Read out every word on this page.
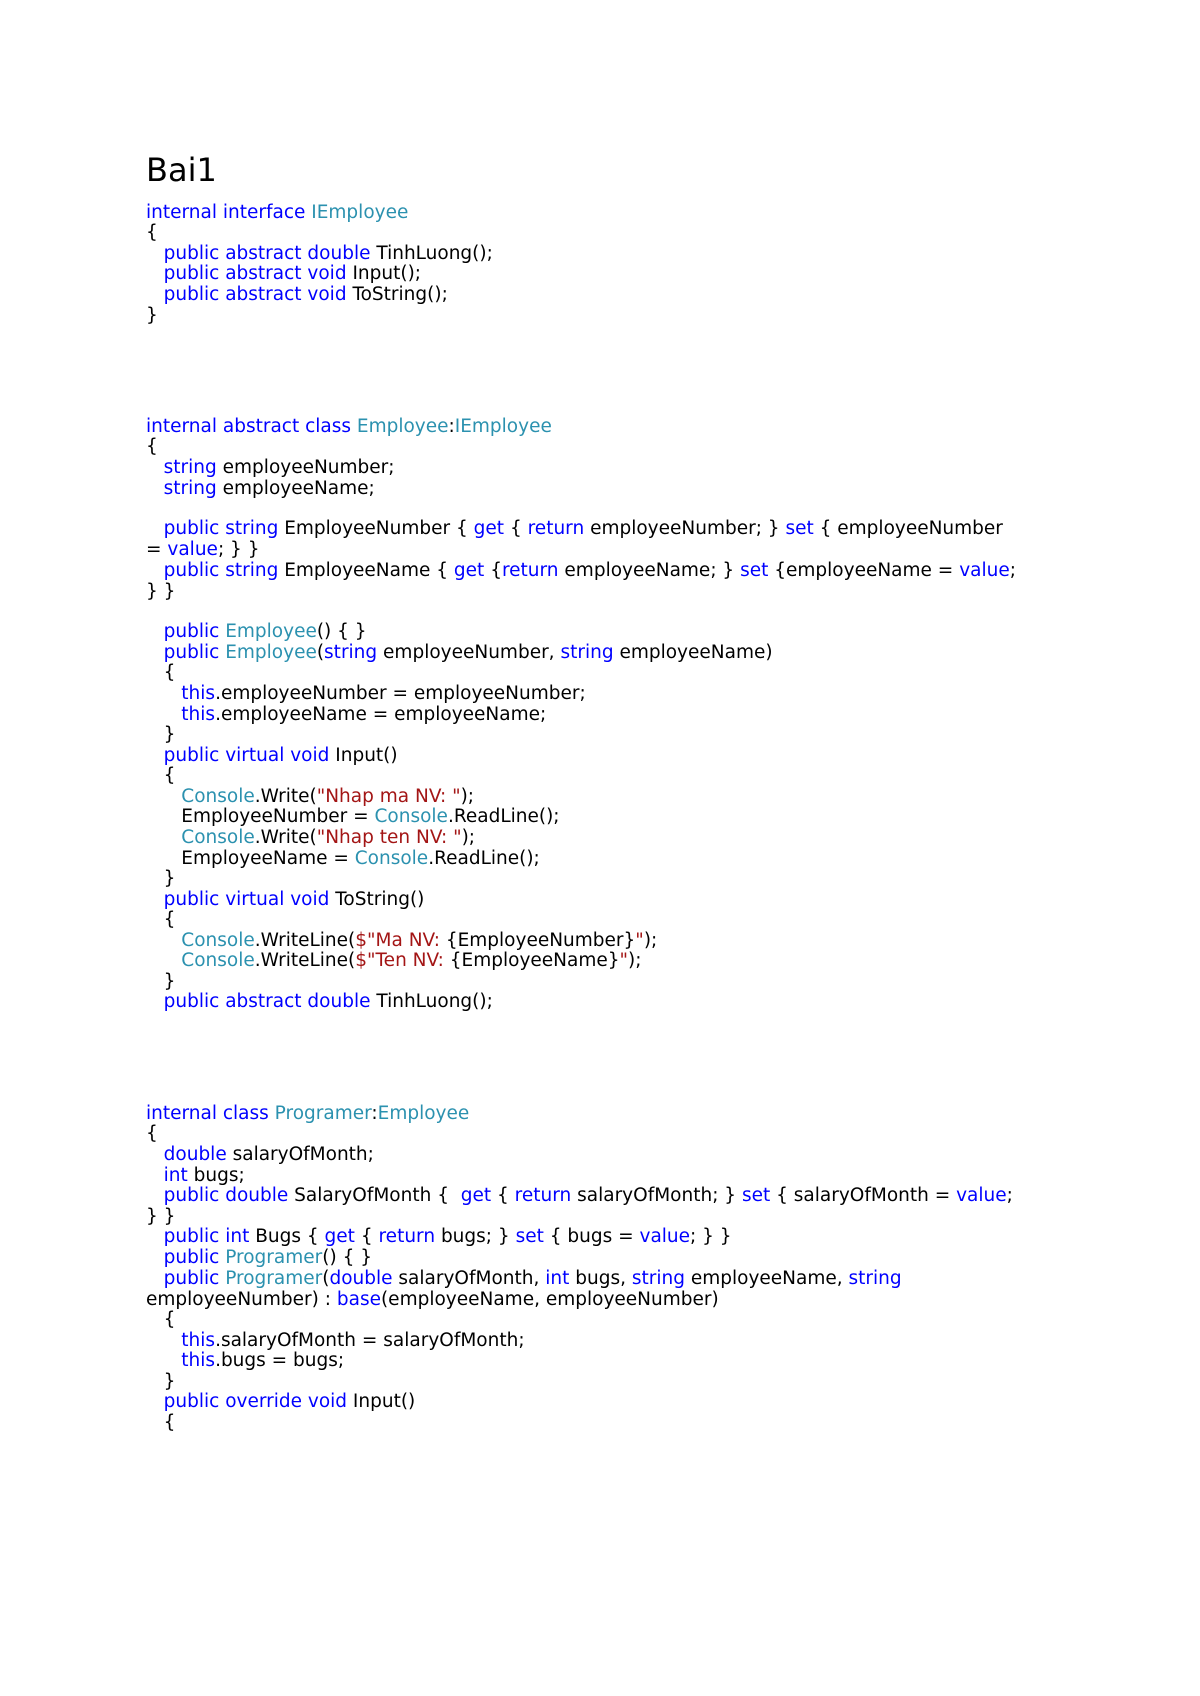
Bai1
internal interface IEmployee
{
public abstract double TinhLuong();
public abstract void Input();
public abstract void ToString();
}
internal abstract class Employee:IEmployee
{
string employeeNumber;
string employeeName;
public string EmployeeNumber { get { return employeeNumber; } set { employeeNumber
= value; } }
public string EmployeeName { get {return employeeName; } set {employeeName = value;
} }
public Employee() { }
public Employee(string employeeNumber, string employeeName)
{
this.employeeNumber = employeeNumber;
this.employeeName = employeeName;
}
public virtual void Input()
{
Console.Write("Nhap ma NV: ");
EmployeeNumber = Console.ReadLine();
Console.Write("Nhap ten NV: ");
EmployeeName = Console.ReadLine();
}
public virtual void ToString()
{
Console.WriteLine($"Ma NV: {EmployeeNumber}");
Console.WriteLine($"Ten NV: {EmployeeName}");
}
public abstract double TinhLuong();
internal class Programer:Employee
{
double salaryOfMonth;
int bugs;
public double SalaryOfMonth {  get { return salaryOfMonth; } set { salaryOfMonth = value;
} }
public int Bugs { get { return bugs; } set { bugs = value; } }
public Programer() { }
public Programer(double salaryOfMonth, int bugs, string employeeName, string
employeeNumber) : base(employeeName, employeeNumber)
{
this.salaryOfMonth = salaryOfMonth;
this.bugs = bugs;
}
public override void Input()
{
